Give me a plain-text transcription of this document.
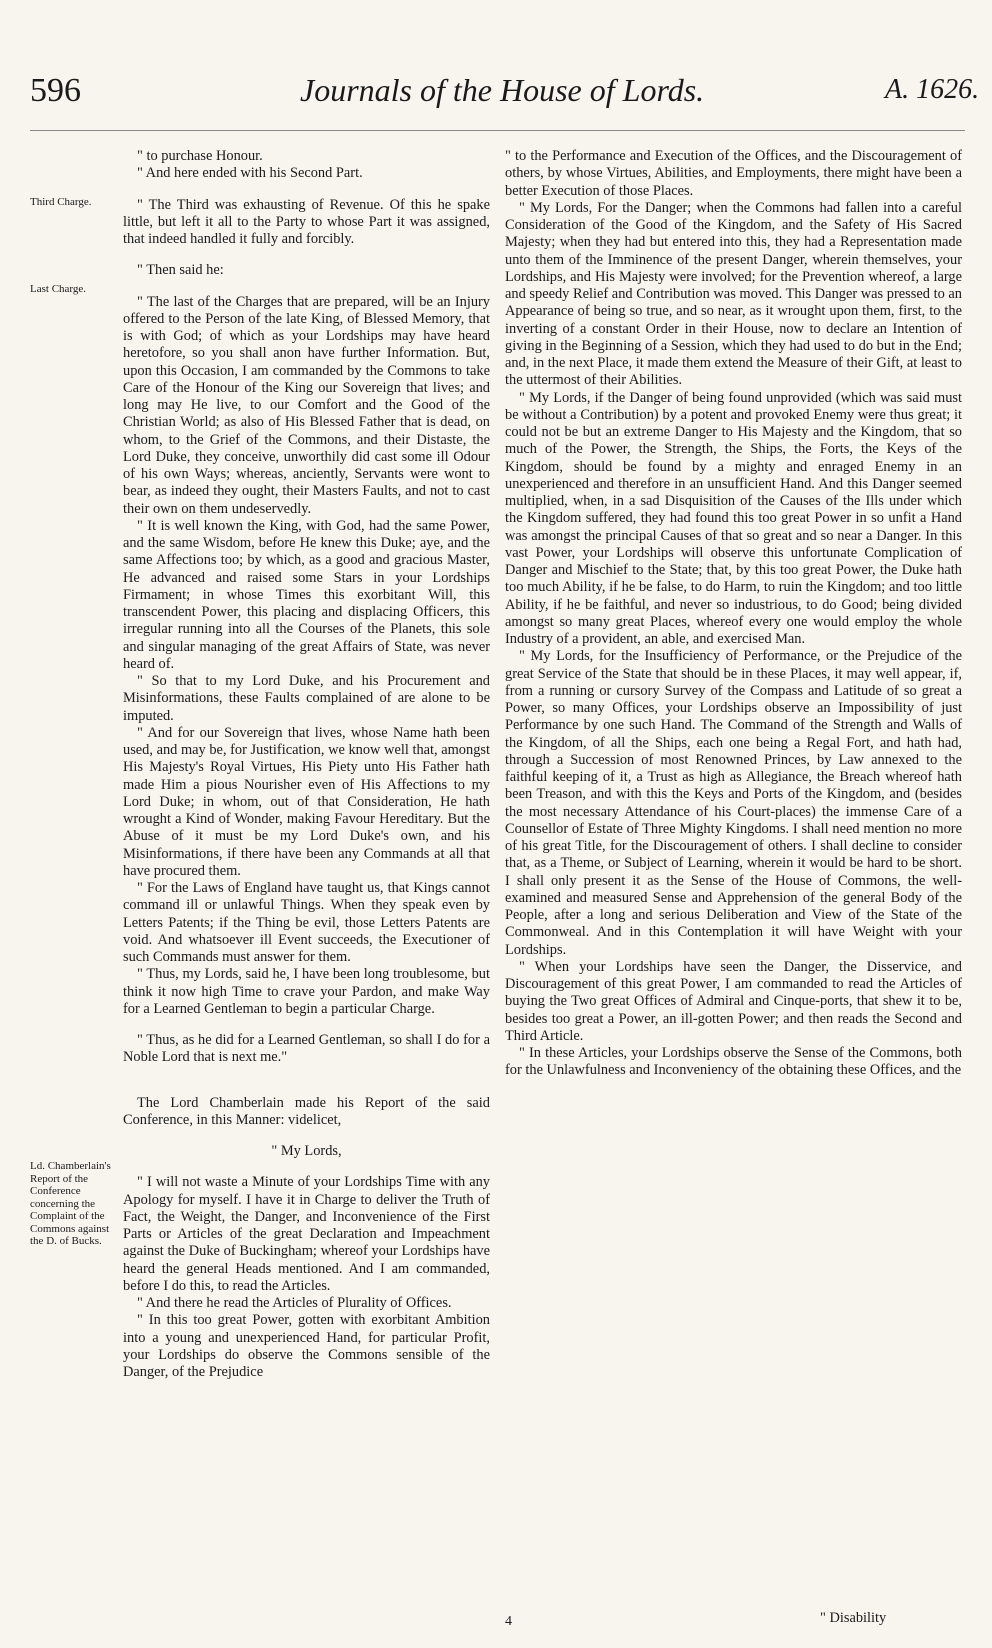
596	Journals of the House of Lords.	A. 1626.
Third Charge.
Last Charge.
Ld. Chamberlain's Report of the Conference concerning the Complaint of the Commons against the D. of Bucks.

" to purchase Honour.

" And here ended with his Second Part.

" The Third was exhausting of Revenue. Of this he spake little, but left it all to the Party to whose Part it was assigned, that indeed handled it fully and forcibly.

" Then said he:

" The last of the Charges that are prepared, will be an Injury offered to the Person of the late King, of Blessed Memory, that is with God; of which as your Lordships may have heard heretofore, so you shall anon have further Information. But, upon this Occasion, I am commanded by the Commons to take Care of the Honour of the King our Sovereign that lives; and long may He live, to our Comfort and the Good of the Christian World; as also of His Blessed Father that is dead, on whom, to the Grief of the Commons, and their Distaste, the Lord Duke, they conceive, unworthily did cast some ill Odour of his own Ways; whereas, anciently, Servants were wont to bear, as indeed they ought, their Masters Faults, and not to cast their own on them undeservedly.

" It is well known the King, with God, had the same Power, and the same Wisdom, before He knew this Duke; aye, and the same Affections too; by which, as a good and gracious Master, He advanced and raised some Stars in your Lordships Firmament; in whose Times this exorbitant Will, this transcendent Power, this placing and displacing Officers, this irregular running into all the Courses of the Planets, this sole and singular managing of the great Affairs of State, was never heard of.

" So that to my Lord Duke, and his Procurement and Misinformations, these Faults complained of are alone to be imputed.

" And for our Sovereign that lives, whose Name hath been used, and may be, for Justification, we know well that, amongst His Majesty's Royal Virtues, His Piety unto His Father hath made Him a pious Nourisher even of His Affections to my Lord Duke; in whom, out of that Consideration, He hath wrought a Kind of Wonder, making Favour Hereditary. But the Abuse of it must be my Lord Duke's own, and his Misinformations, if there have been any Commands at all that have procured them.

" For the Laws of England have taught us, that Kings cannot command ill or unlawful Things. When they speak even by Letters Patents; if the Thing be evil, those Letters Patents are void. And whatsoever ill Event succeeds, the Executioner of such Commands must answer for them.

" Thus, my Lords, said he, I have been long troublesome, but think it now high Time to crave your Pardon, and make Way for a Learned Gentleman to begin a particular Charge.

" Thus, as he did for a Learned Gentleman, so shall I do for a Noble Lord that is next me."

The Lord Chamberlain made his Report of the said Conference, in this Manner: videlicet,

" My Lords,

" I will not waste a Minute of your Lordships Time with any Apology for myself. I have it in Charge to deliver the Truth of Fact, the Weight, the Danger, and Inconvenience of the First Parts or Articles of the great Declaration and Impeachment against the Duke of Buckingham; whereof your Lordships have heard the general Heads mentioned. And I am commanded, before I do this, to read the Articles.

" And there he read the Articles of Plurality of Offices.

" In this too great Power, gotten with exorbitant Ambition into a young and unexperienced Hand, for particular Profit, your Lordships do observe the Commons sensible of the Danger, of the Prejudice

" to the Performance and Execution of the Offices, and the Discouragement of others, by whose Virtues, Abilities, and Employments, there might have been a better Execution of those Places.

" My Lords, For the Danger; when the Commons had fallen into a careful Consideration of the Good of the Kingdom, and the Safety of His Sacred Majesty; when they had but entered into this, they had a Representation made unto them of the Imminence of the present Danger, wherein themselves, your Lordships, and His Majesty were involved; for the Prevention whereof, a large and speedy Relief and Contribution was moved. This Danger was pressed to an Appearance of being so true, and so near, as it wrought upon them, first, to the inverting of a constant Order in their House, now to declare an Intention of giving in the Beginning of a Session, which they had used to do but in the End; and, in the next Place, it made them extend the Measure of their Gift, at least to the uttermost of their Abilities.

" My Lords, if the Danger of being found unprovided (which was said must be without a Contribution) by a potent and provoked Enemy were thus great; it could not be but an extreme Danger to His Majesty and the Kingdom, that so much of the Power, the Strength, the Ships, the Forts, the Keys of the Kingdom, should be found by a mighty and enraged Enemy in an unexperienced and therefore in an unsufficient Hand. And this Danger seemed multiplied, when, in a sad Disquisition of the Causes of the Ills under which the Kingdom suffered, they had found this too great Power in so unfit a Hand was amongst the principal Causes of that so great and so near a Danger. In this vast Power, your Lordships will observe this unfortunate Complication of Danger and Mischief to the State; that, by this too great Power, the Duke hath too much Ability, if he be false, to do Harm, to ruin the Kingdom; and too little Ability, if he be faithful, and never so industrious, to do Good; being divided amongst so many great Places, whereof every one would employ the whole Industry of a provident, an able, and exercised Man.

" My Lords, for the Insufficiency of Performance, or the Prejudice of the great Service of the State that should be in these Places, it may well appear, if, from a running or cursory Survey of the Compass and Latitude of so great a Power, so many Offices, your Lordships observe an Impossibility of just Performance by one such Hand. The Command of the Strength and Walls of the Kingdom, of all the Ships, each one being a Regal Fort, and hath had, through a Succession of most Renowned Princes, by Law annexed to the faithful keeping of it, a Trust as high as Allegiance, the Breach whereof hath been Treason, and with this the Keys and Ports of the Kingdom, and (besides the most necessary Attendance of his Court-places) the immense Care of a Counsellor of Estate of Three Mighty Kingdoms. I shall need mention no more of his great Title, for the Discouragement of others. I shall decline to consider that, as a Theme, or Subject of Learning, wherein it would be hard to be short. I shall only present it as the Sense of the House of Commons, the well-examined and measured Sense and Apprehension of the general Body of the People, after a long and serious Deliberation and View of the State of the Commonweal. And in this Contemplation it will have Weight with your Lordships.

" When your Lordships have seen the Danger, the Disservice, and Discouragement of this great Power, I am commanded to read the Articles of buying the Two great Offices of Admiral and Cinque-ports, that shew it to be, besides too great a Power, an ill-gotten Power; and then reads the Second and Third Article.

" In these Articles, your Lordships observe the Sense of the Commons, both for the Unlawfulness and Inconveniency of the obtaining these Offices, and the

4	" Disability
